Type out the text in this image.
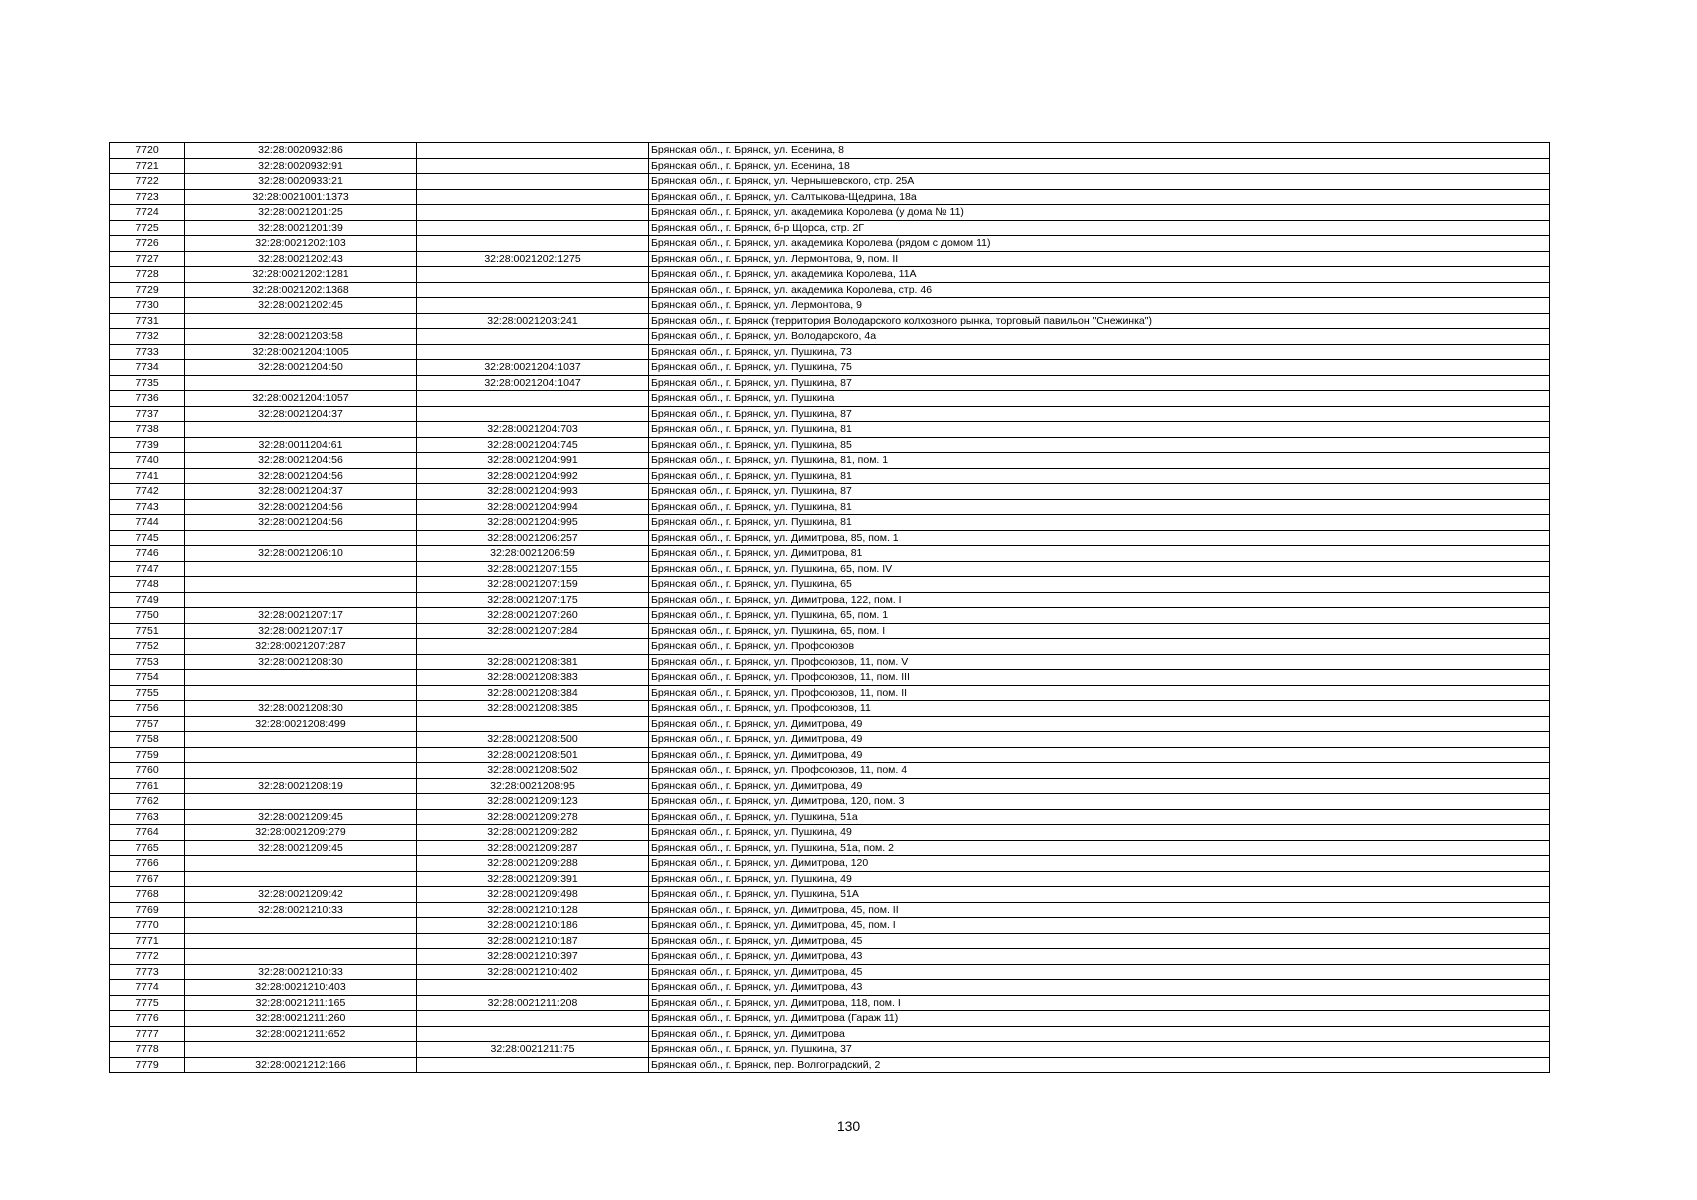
7720	32:28:0020932:86		Брянская обл., г. Брянск, ул. Есенина, 8
7721	32:28:0020932:91		Брянская обл., г. Брянск, ул. Есенина, 18
7722	32:28:0020933:21		Брянская обл., г. Брянск, ул. Чернышевского, стр. 25А
7723	32:28:0021001:1373		Брянская обл., г. Брянск, ул. Салтыкова-Щедрина, 18а
7724	32:28:0021201:25		Брянская обл., г. Брянск, ул. академика Королева (у дома № 11)
7725	32:28:0021201:39		Брянская обл., г. Брянск, б-р Щорса, стр. 2Г
7726	32:28:0021202:103		Брянская обл., г. Брянск, ул. академика Королева (рядом с домом 11)
7727	32:28:0021202:43	32:28:0021202:1275	Брянская обл., г. Брянск, ул. Лермонтова, 9, пом. II
7728	32:28:0021202:1281		Брянская обл., г. Брянск, ул. академика Королева, 11А
7729	32:28:0021202:1368		Брянская обл., г. Брянск, ул. академика Королева, стр. 46
7730	32:28:0021202:45		Брянская обл., г. Брянск, ул. Лермонтова, 9
7731		32:28:0021203:241	Брянская обл., г. Брянск (территория Володарского колхозного рынка, торговый павильон "Снежинка")
7732	32:28:0021203:58		Брянская обл., г. Брянск, ул. Володарского, 4а
7733	32:28:0021204:1005		Брянская обл., г. Брянск, ул. Пушкина, 73
7734	32:28:0021204:50	32:28:0021204:1037	Брянская обл., г. Брянск, ул. Пушкина, 75
7735		32:28:0021204:1047	Брянская обл., г. Брянск, ул. Пушкина, 87
7736	32:28:0021204:1057		Брянская обл., г. Брянск, ул. Пушкина
7737	32:28:0021204:37		Брянская обл., г. Брянск, ул. Пушкина, 87
7738		32:28:0021204:703	Брянская обл., г. Брянск, ул. Пушкина, 81
7739	32:28:0011204:61	32:28:0021204:745	Брянская обл., г. Брянск, ул. Пушкина, 85
7740	32:28:0021204:56	32:28:0021204:991	Брянская обл., г. Брянск, ул. Пушкина, 81, пом. 1
7741	32:28:0021204:56	32:28:0021204:992	Брянская обл., г. Брянск, ул. Пушкина, 81
7742	32:28:0021204:37	32:28:0021204:993	Брянская обл., г. Брянск, ул. Пушкина, 87
7743	32:28:0021204:56	32:28:0021204:994	Брянская обл., г. Брянск, ул. Пушкина, 81
7744	32:28:0021204:56	32:28:0021204:995	Брянская обл., г. Брянск, ул. Пушкина, 81
7745		32:28:0021206:257	Брянская обл., г. Брянск, ул. Димитрова, 85, пом. 1
7746	32:28:0021206:10	32:28:0021206:59	Брянская обл., г. Брянск, ул. Димитрова, 81
7747		32:28:0021207:155	Брянская обл., г. Брянск, ул. Пушкина, 65, пом. IV
7748		32:28:0021207:159	Брянская обл., г. Брянск, ул. Пушкина, 65
7749		32:28:0021207:175	Брянская обл., г. Брянск, ул. Димитрова, 122, пом. I
7750	32:28:0021207:17	32:28:0021207:260	Брянская обл., г. Брянск, ул. Пушкина, 65, пом. 1
7751	32:28:0021207:17	32:28:0021207:284	Брянская обл., г. Брянск, ул. Пушкина, 65, пом. I
7752	32:28:0021207:287		Брянская обл., г. Брянск, ул. Профсоюзов
7753	32:28:0021208:30	32:28:0021208:381	Брянская обл., г. Брянск, ул. Профсоюзов, 11, пом. V
7754		32:28:0021208:383	Брянская обл., г. Брянск, ул. Профсоюзов, 11, пом. III
7755		32:28:0021208:384	Брянская обл., г. Брянск, ул. Профсоюзов, 11, пом. II
7756	32:28:0021208:30	32:28:0021208:385	Брянская обл., г. Брянск, ул. Профсоюзов, 11
7757	32:28:0021208:499		Брянская обл., г. Брянск, ул. Димитрова, 49
7758		32:28:0021208:500	Брянская обл., г. Брянск, ул. Димитрова, 49
7759		32:28:0021208:501	Брянская обл., г. Брянск, ул. Димитрова, 49
7760		32:28:0021208:502	Брянская обл., г. Брянск, ул. Профсоюзов, 11, пом. 4
7761	32:28:0021208:19	32:28:0021208:95	Брянская обл., г. Брянск, ул. Димитрова, 49
7762		32:28:0021209:123	Брянская обл., г. Брянск, ул. Димитрова, 120, пом. 3
7763	32:28:0021209:45	32:28:0021209:278	Брянская обл., г. Брянск, ул. Пушкина, 51а
7764	32:28:0021209:279	32:28:0021209:282	Брянская обл., г. Брянск, ул. Пушкина, 49
7765	32:28:0021209:45	32:28:0021209:287	Брянская обл., г. Брянск, ул. Пушкина, 51а, пом. 2
7766		32:28:0021209:288	Брянская обл., г. Брянск, ул. Димитрова, 120
7767		32:28:0021209:391	Брянская обл., г. Брянск, ул. Пушкина, 49
7768	32:28:0021209:42	32:28:0021209:498	Брянская обл., г. Брянск, ул. Пушкина, 51А
7769	32:28:0021210:33	32:28:0021210:128	Брянская обл., г. Брянск, ул. Димитрова, 45, пом. II
7770		32:28:0021210:186	Брянская обл., г. Брянск, ул. Димитрова, 45, пом. I
7771		32:28:0021210:187	Брянская обл., г. Брянск, ул. Димитрова, 45
7772		32:28:0021210:397	Брянская обл., г. Брянск, ул. Димитрова, 43
7773	32:28:0021210:33	32:28:0021210:402	Брянская обл., г. Брянск, ул. Димитрова, 45
7774	32:28:0021210:403		Брянская обл., г. Брянск, ул. Димитрова, 43
7775	32:28:0021211:165	32:28:0021211:208	Брянская обл., г. Брянск, ул. Димитрова, 118, пом. I
7776	32:28:0021211:260		Брянская обл., г. Брянск, ул. Димитрова (Гараж 11)
7777	32:28:0021211:652		Брянская обл., г. Брянск, ул. Димитрова
7778		32:28:0021211:75	Брянская обл., г. Брянск, ул. Пушкина, 37
7779	32:28:0021212:166		Брянская обл., г. Брянск, пер. Волгоградский, 2
130
